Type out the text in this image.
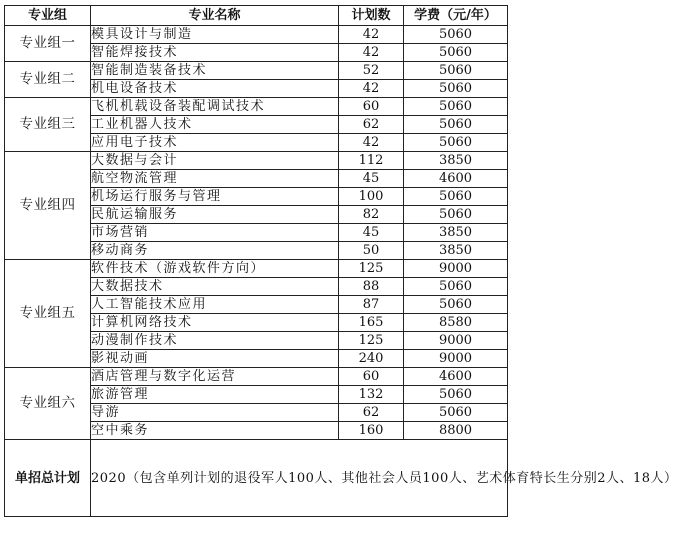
专业组	专业名称	计划数	学费（元/年）
专业组一	模具设计与制造	42	5060
	智能焊接技术	42	5060
专业组二	智能制造装备技术	52	5060
	机电设备技术	42	5060
专业组三	飞机机载设备装配调试技术	60	5060
	工业机器人技术	62	5060
	应用电子技术	42	5060
专业组四	大数据与会计	112	3850
	航空物流管理	45	4600
	机场运行服务与管理	100	5060
	民航运输服务	82	5060
	市场营销	45	3850
	移动商务	50	3850
专业组五	软件技术（游戏软件方向）	125	9000
	大数据技术	88	5060
	人工智能技术应用	87	5060
	计算机网络技术	165	8580
	动漫制作技术	125	9000
	影视动画	240	9000
专业组六	酒店管理与数字化运营	60	4600
	旅游管理	132	5060
	导游	62	5060
	空中乘务	160	8800
单招总计划	2020（包含单列计划的退役军人100人、其他社会人员100人、艺术体育特长生分别2人、18人）		
